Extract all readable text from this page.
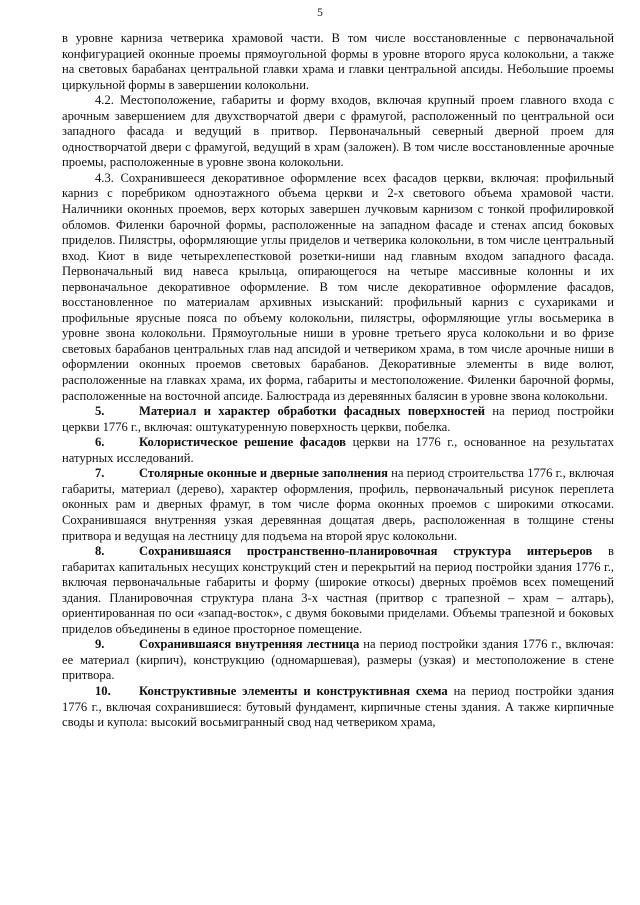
5

в уровне карниза четверика храмовой части. В том числе восстановленные с первоначальной конфигурацией оконные проемы прямоугольной формы в уровне второго яруса колокольни, а также на световых барабанах центральной главки храма и главки центральной апсиды. Небольшие проемы циркульной формы в завершении колокольни.

4.2. Местоположение, габариты и форму входов, включая крупный проем главного входа с арочным завершением для двухстворчатой двери с фрамугой, расположенный по центральной оси западного фасада и ведущий в притвор. Первоначальный северный дверной проем для одностворчатой двери с фрамугой, ведущий в храм (заложен). В том числе восстановленные арочные проемы, расположенные в уровне звона колокольни.

4.3. Сохранившееся декоративное оформление всех фасадов церкви, включая: профильный карниз с поребриком одноэтажного объема церкви и 2-х светового объема храмовой части. Наличники оконных проемов, верх которых завершен лучковым карнизом с тонкой профилировкой обломов. Филенки барочной формы, расположенные на западном фасаде и стенах апсид боковых приделов. Пилястры, оформляющие углы приделов и четверика колокольни, в том числе центральный вход. Киот в виде четырехлепестковой розетки-ниши над главным входом западного фасада. Первоначальный вид навеса крыльца, опирающегося на четыре массивные колонны и их первоначальное декоративное оформление. В том числе декоративное оформление фасадов, восстановленное по материалам архивных изысканий: профильный карниз с сухариками и профильные ярусные пояса по объему колокольни, пилястры, оформляющие углы восьмерика в уровне звона колокольни. Прямоугольные ниши в уровне третьего яруса колокольни и во фризе световых барабанов центральных глав над апсидой и четвериком храма, в том числе арочные ниши в оформлении оконных проемов световых барабанов. Декоративные элементы в виде волют, расположенные на главках храма, их форма, габариты и местоположение. Филенки барочной формы, расположенные на восточной апсиде. Балюстрада из деревянных балясин в уровне звона колокольни.

5.	Материал и характер обработки фасадных поверхностей на период постройки церкви 1776 г., включая: оштукатуренную поверхность церкви, побелка.

6.	Колористическое решение фасадов церкви на 1776 г., основанное на результатах натурных исследований.

7.	Столярные оконные и дверные заполнения на период строительства 1776 г., включая габариты, материал (дерево), характер оформления, профиль, первоначальный рисунок переплета оконных рам и дверных фрамуг, в том числе форма оконных проемов с широкими откосами. Сохранившаяся внутренняя узкая деревянная дощатая дверь, расположенная в толщине стены притвора и ведущая на лестницу для подъема на второй ярус колокольни.

8.	Сохранившаяся пространственно-планировочная структура интерьеров в габаритах капитальных несущих конструкций стен и перекрытий на период постройки здания 1776 г., включая первоначальные габариты и форму (широкие откосы) дверных проёмов всех помещений здания. Планировочная структура плана 3-х частная (притвор с трапезной – храм – алтарь), ориентированная по оси «запад-восток», с двумя боковыми приделами. Объемы трапезной и боковых приделов объединены в единое просторное помещение.

9.	Сохранившаяся внутренняя лестница на период постройки здания 1776 г., включая: ее материал (кирпич), конструкцию (одномаршевая), размеры (узкая) и местоположение в стене притвора.

10. Конструктивные элементы и конструктивная схема на период постройки здания 1776 г., включая сохранившиеся: бутовый фундамент, кирпичные стены здания. А также кирпичные своды и купола: высокий восьмигранный свод над четвериком храма,
